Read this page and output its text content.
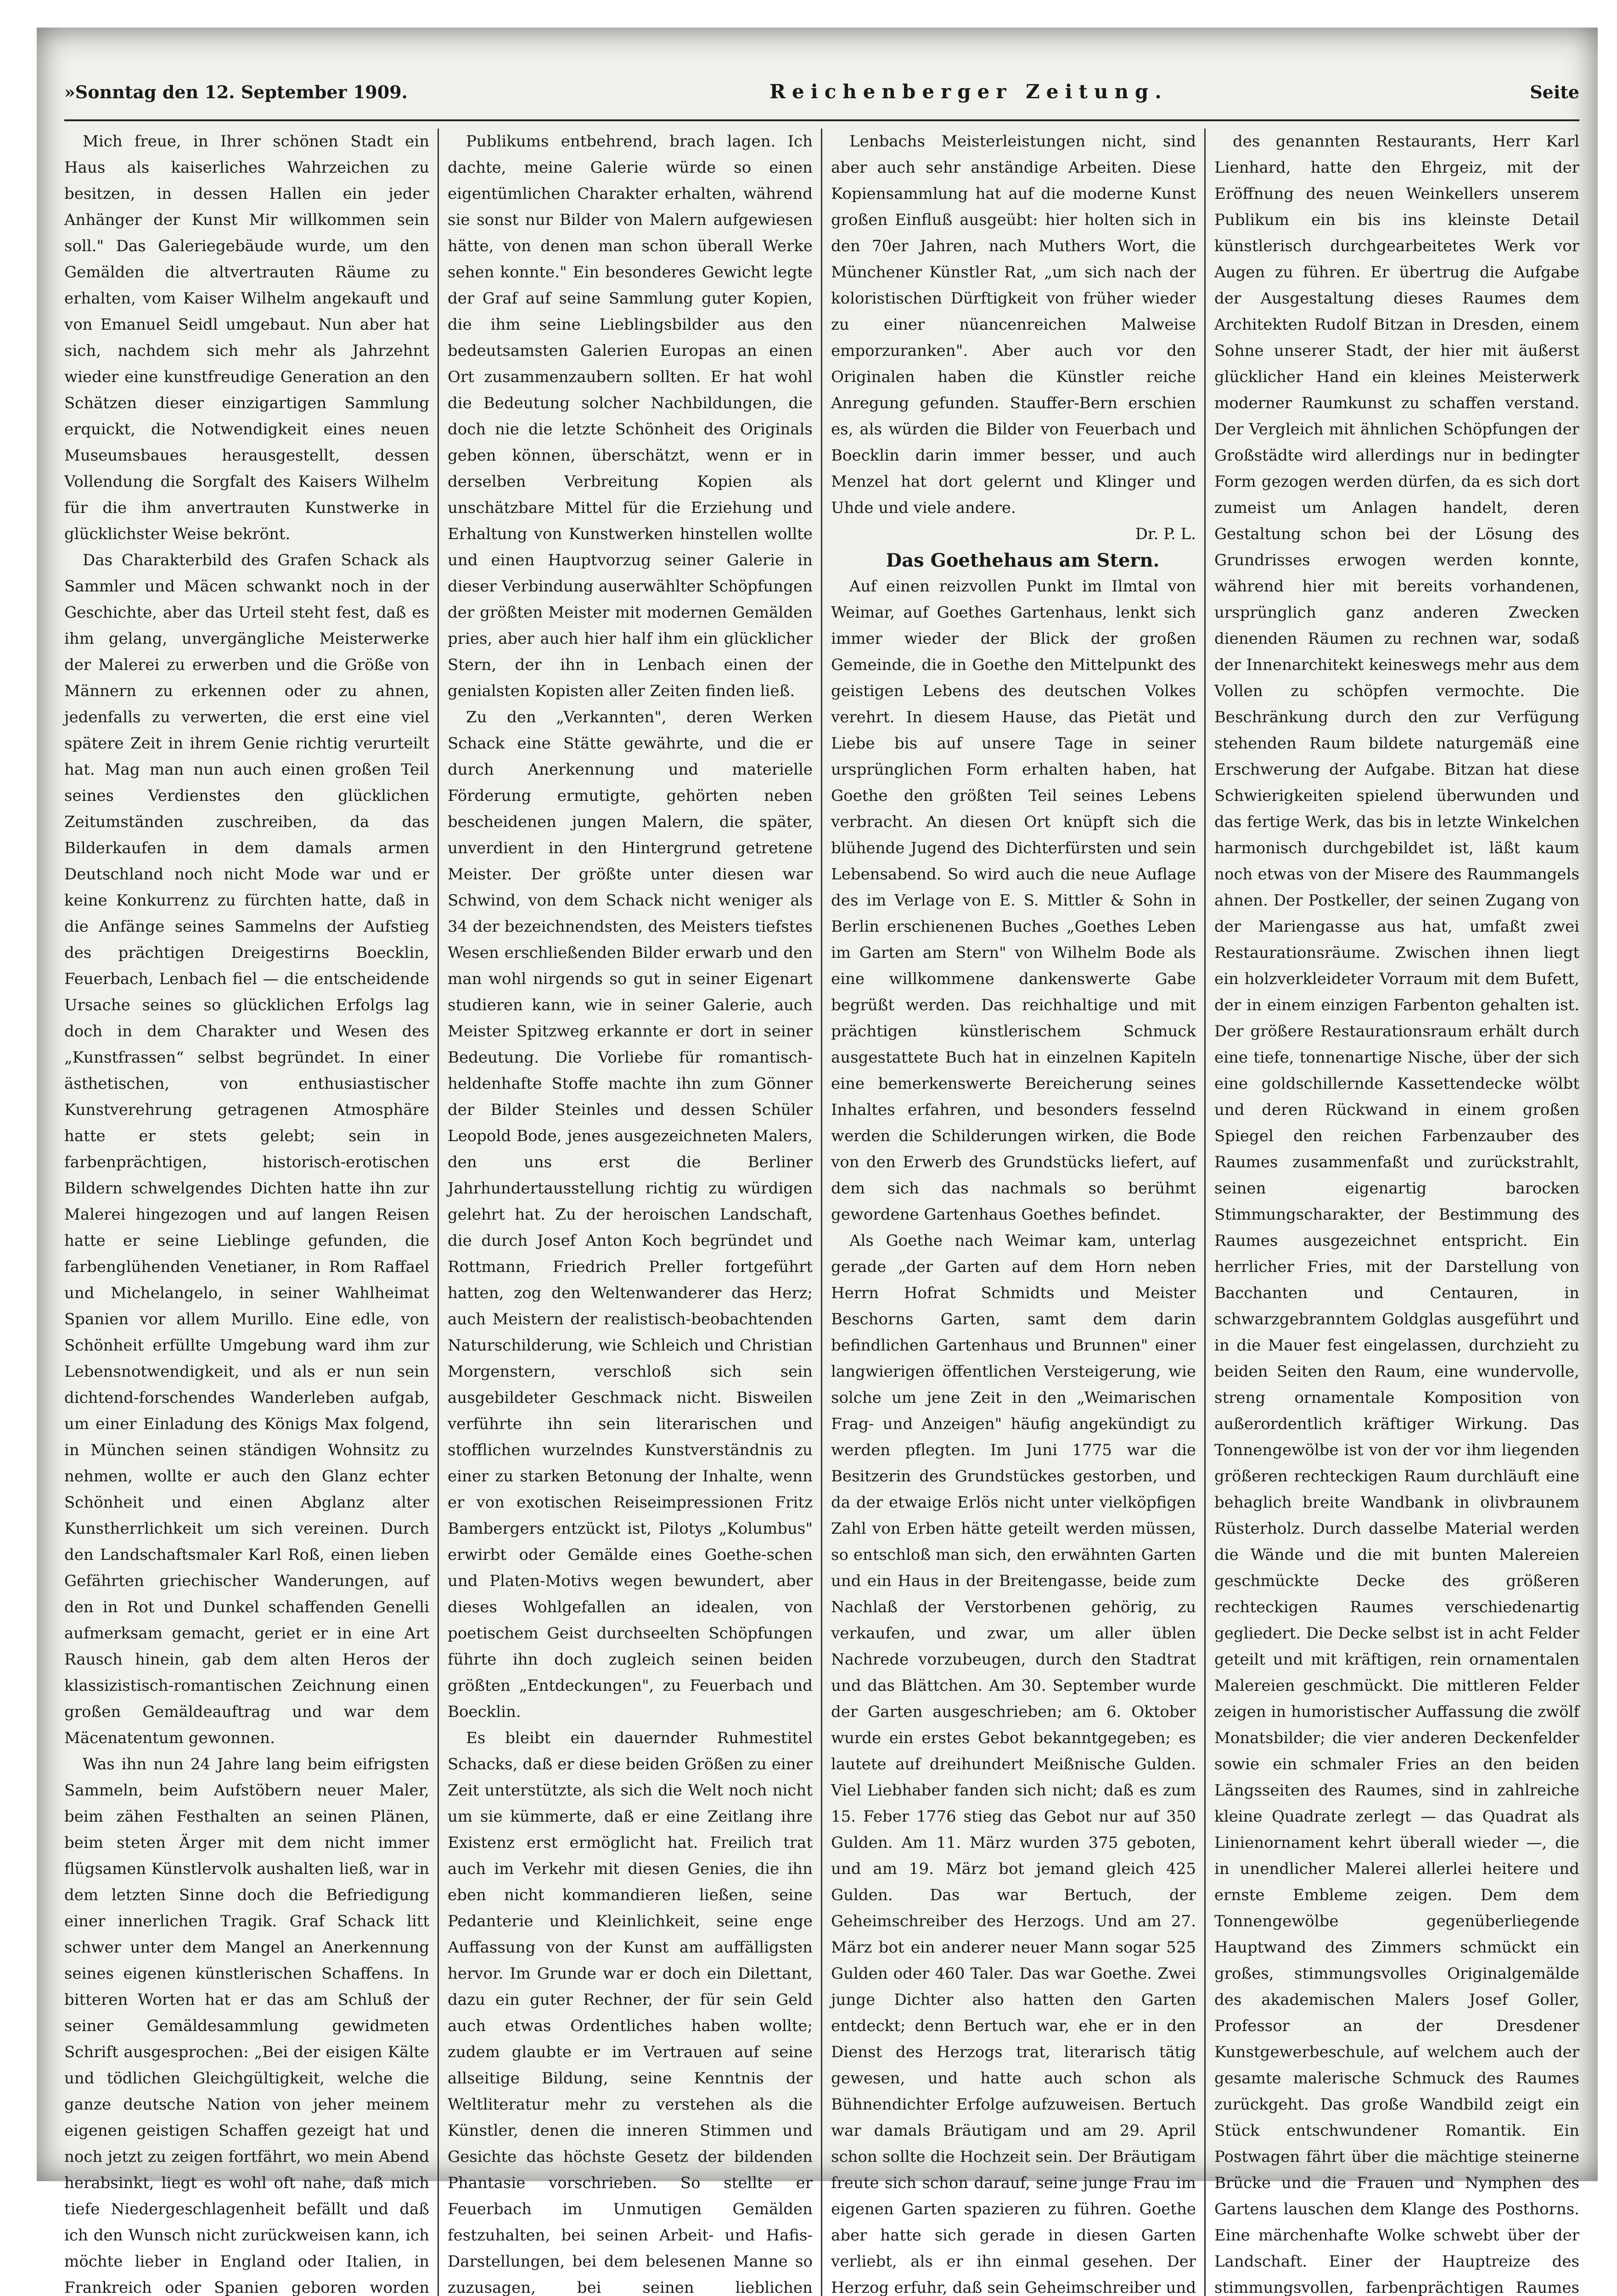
»Sonntag den 12. September 1909.	Reichenberger Zeitung.	Seite

Mich freue, in Ihrer schönen Stadt ein Haus als kaiserliches Wahrzeichen zu besitzen, in dessen Hallen ein jeder Anhänger der Kunst Mir willkommen sein soll." Das Galeriegebäude wurde, um den Gemälden die altvertrauten Räume zu erhalten, vom Kaiser Wilhelm angekauft und von Emanuel Seidl umgebaut. Nun aber hat sich, nachdem sich mehr als Jahrzehnt wieder eine kunstfreudige Generation an den Schätzen dieser einzigartigen Sammlung erquickt, die Notwendigkeit eines neuen Museumsbaues herausgestellt, dessen Vollendung die Sorgfalt des Kaisers Wilhelm für die ihm anvertrauten Kunstwerke in glücklichster Weise bekrönt.

Das Charakterbild des Grafen Schack als Sammler und Mäcen schwankt noch in der Geschichte, aber das Urteil steht fest, daß es ihm gelang, unvergängliche Meisterwerke der Malerei zu erwerben und die Größe von Männern zu erkennen oder zu ahnen, jedenfalls zu verwerten, die erst eine viel spätere Zeit in ihrem Genie richtig verurteilt hat. Mag man nun auch einen großen Teil seines Verdienstes den glücklichen Zeitumständen zuschreiben, da das Bilderkaufen in dem damals armen Deutschland noch nicht Mode war und er keine Konkurrenz zu fürchten hatte, daß in die Anfänge seines Sammelns der Aufstieg des prächtigen Dreigestirns Boecklin, Feuerbach, Lenbach fiel — die entscheidende Ursache seines so glücklichen Erfolgs lag doch in dem Charakter und Wesen des „Kunstfrassen“ selbst begründet. In einer ästhetischen, von enthusiastischer Kunstverehrung getragenen Atmosphäre hatte er stets gelebt; sein in farbenprächtigen, historisch-erotischen Bildern schwelgendes Dichten hatte ihn zur Malerei hingezogen und auf langen Reisen hatte er seine Lieblinge gefunden, die farbenglühenden Venetianer, in Rom Raffael und Michelangelo, in seiner Wahlheimat Spanien vor allem Murillo. Eine edle, von Schönheit erfüllte Umgebung ward ihm zur Lebensnotwendigkeit, und als er nun sein dichtend-forschendes Wanderleben aufgab, um einer Einladung des Königs Max folgend, in München seinen ständigen Wohnsitz zu nehmen, wollte er auch den Glanz echter Schönheit und einen Abglanz alter Kunstherrlichkeit um sich vereinen. Durch den Landschaftsmaler Karl Roß, einen lieben Gefährten griechischer Wanderungen, auf den in Rot und Dunkel schaffenden Genelli aufmerksam gemacht, geriet er in eine Art Rausch hinein, gab dem alten Heros der klassizistisch-romantischen Zeichnung einen großen Gemäldeauftrag und war dem Mäcenatentum gewonnen.

Was ihn nun 24 Jahre lang beim eifrigsten Sammeln, beim Aufstöbern neuer Maler, beim zähen Festhalten an seinen Plänen, beim steten Ärger mit dem nicht immer flügsamen Künstlervolk aushalten ließ, war in dem letzten Sinne doch die Befriedigung einer innerlichen Tragik. Graf Schack litt schwer unter dem Mangel an Anerkennung seines eigenen künstlerischen Schaffens. In bitteren Worten hat er das am Schluß der seiner Gemäldesammlung gewidmeten Schrift ausgesprochen: „Bei der eisigen Kälte und tödlichen Gleichgültigkeit, welche die ganze deutsche Nation von jeher meinem eigenen geistigen Schaffen gezeigt hat und noch jetzt zu zeigen fortfährt, wo mein Abend herabsinkt, liegt es wohl oft nahe, daß mich tiefe Niedergeschlagenheit befällt und daß ich den Wunsch nicht zurückweisen kann, ich möchte lieber in England oder Italien, in Frankreich oder Spanien geboren worden

Publikums entbehrend, brach lagen. Ich dachte, meine Galerie würde so einen eigentümlichen Charakter erhalten, während sie sonst nur Bilder von Malern aufgewiesen hätte, von denen man schon überall Werke sehen konnte." Ein besonderes Gewicht legte der Graf auf seine Sammlung guter Kopien, die ihm seine Lieblingsbilder aus den bedeutsamsten Galerien Europas an einen Ort zusammenzaubern sollten. Er hat wohl die Bedeutung solcher Nachbildungen, die doch nie die letzte Schönheit des Originals geben können, überschätzt, wenn er in derselben Verbreitung Kopien als unschätzbare Mittel für die Erziehung und Erhaltung von Kunstwerken hinstellen wollte und einen Hauptvorzug seiner Galerie in dieser Verbindung auserwählter Schöpfungen der größten Meister mit modernen Gemälden pries, aber auch hier half ihm ein glücklicher Stern, der ihn in Lenbach einen der genialsten Kopisten aller Zeiten finden ließ.

Zu den „Verkannten", deren Werken Schack eine Stätte gewährte, und die er durch Anerkennung und materielle Förderung ermutigte, gehörten neben bescheidenen jungen Malern, die später, unverdient in den Hintergrund getretene Meister. Der größte unter diesen war Schwind, von dem Schack nicht weniger als 34 der bezeichnendsten, des Meisters tiefstes Wesen erschließenden Bilder erwarb und den man wohl nirgends so gut in seiner Eigenart studieren kann, wie in seiner Galerie, auch Meister Spitzweg erkannte er dort in seiner Bedeutung. Die Vorliebe für romantisch-heldenhafte Stoffe machte ihn zum Gönner der Bilder Steinles und dessen Schüler Leopold Bode, jenes ausgezeichneten Malers, den uns erst die Berliner Jahrhundertausstellung richtig zu würdigen gelehrt hat. Zu der heroischen Landschaft, die durch Josef Anton Koch begründet und Rottmann, Friedrich Preller fortgeführt hatten, zog den Weltenwanderer das Herz; auch Meistern der realistisch-beobachtenden Naturschilderung, wie Schleich und Christian Morgenstern, verschloß sich sein ausgebildeter Geschmack nicht. Bisweilen verführte ihn sein literarischen und stofflichen wurzelndes Kunstverständnis zu einer zu starken Betonung der Inhalte, wenn er von exotischen Reiseimpressionen Fritz Bambergers entzückt ist, Pilotys „Kolumbus" erwirbt oder Gemälde eines Goethe-schen und Platen-Motivs wegen bewundert, aber dieses Wohlgefallen an idealen, von poetischem Geist durchseelten Schöpfungen führte ihn doch zugleich seinen beiden größten „Entdeckungen", zu Feuerbach und Boecklin.

Es bleibt ein dauernder Ruhmestitel Schacks, daß er diese beiden Größen zu einer Zeit unterstützte, als sich die Welt noch nicht um sie kümmerte, daß er eine Zeitlang ihre Existenz erst ermöglicht hat. Freilich trat auch im Verkehr mit diesen Genies, die ihn eben nicht kommandieren ließen, seine Pedanterie und Kleinlichkeit, seine enge Auffassung von der Kunst am auffälligsten hervor. Im Grunde war er doch ein Dilettant, dazu ein guter Rechner, der für sein Geld auch etwas Ordentliches haben wollte; zudem glaubte er im Vertrauen auf seine allseitige Bildung, seine Kenntnis der Weltliteratur mehr zu verstehen als die Künstler, denen die inneren Stimmen und Gesichte das höchste Gesetz der bildenden Phantasie vorschrieben. So stellte er Feuerbach im Unmutigen Gemälden festzuhalten, bei seinen Arbeit- und Hafis-Darstellungen, bei dem belesenen Manne so zuzusagen, bei seinen lieblichen

Lenbachs Meisterleistungen nicht, sind aber auch sehr anständige Arbeiten. Diese Kopiensammlung hat auf die moderne Kunst großen Einfluß ausgeübt: hier holten sich in den 70er Jahren, nach Muthers Wort, die Münchener Künstler Rat, „um sich nach der koloristischen Dürftigkeit von früher wieder zu einer nüancenreichen Malweise emporzuranken". Aber auch vor den Originalen haben die Künstler reiche Anregung gefunden. Stauffer-Bern erschien es, als würden die Bilder von Feuerbach und Boecklin darin immer besser, und auch Menzel hat dort gelernt und Klinger und Uhde und viele andere.

Dr. P. L.

Das Goethehaus am Stern.

Auf einen reizvollen Punkt im Ilmtal von Weimar, auf Goethes Gartenhaus, lenkt sich immer wieder der Blick der großen Gemeinde, die in Goethe den Mittelpunkt des geistigen Lebens des deutschen Volkes verehrt. In diesem Hause, das Pietät und Liebe bis auf unsere Tage in seiner ursprünglichen Form erhalten haben, hat Goethe den größten Teil seines Lebens verbracht. An diesen Ort knüpft sich die blühende Jugend des Dichterfürsten und sein Lebensabend. So wird auch die neue Auflage des im Verlage von E. S. Mittler & Sohn in Berlin erschienenen Buches „Goethes Leben im Garten am Stern" von Wilhelm Bode als eine willkommene dankenswerte Gabe begrüßt werden. Das reichhaltige und mit prächtigen künstlerischem Schmuck ausgestattete Buch hat in einzelnen Kapiteln eine bemerkenswerte Bereicherung seines Inhaltes erfahren, und besonders fesselnd werden die Schilderungen wirken, die Bode von den Erwerb des Grundstücks liefert, auf dem sich das nachmals so berühmt gewordene Gartenhaus Goethes befindet.

Als Goethe nach Weimar kam, unterlag gerade „der Garten auf dem Horn neben Herrn Hofrat Schmidts und Meister Beschorns Garten, samt dem darin befindlichen Gartenhaus und Brunnen" einer langwierigen öffentlichen Versteigerung, wie solche um jene Zeit in den „Weimarischen Frag- und Anzeigen" häufig angekündigt zu werden pflegten. Im Juni 1775 war die Besitzerin des Grundstückes gestorben, und da der etwaige Erlös nicht unter vielköpfigen Zahl von Erben hätte geteilt werden müssen, so entschloß man sich, den erwähnten Garten und ein Haus in der Breitengasse, beide zum Nachlaß der Verstorbenen gehörig, zu verkaufen, und zwar, um aller üblen Nachrede vorzubeugen, durch den Stadtrat und das Blättchen. Am 30. September wurde der Garten ausgeschrieben; am 6. Oktober wurde ein erstes Gebot bekanntgegeben; es lautete auf dreihundert Meißnische Gulden. Viel Liebhaber fanden sich nicht; daß es zum 15. Feber 1776 stieg das Gebot nur auf 350 Gulden. Am 11. März wurden 375 geboten, und am 19. März bot jemand gleich 425 Gulden. Das war Bertuch, der Geheimschreiber des Herzogs. Und am 27. März bot ein anderer neuer Mann sogar 525 Gulden oder 460 Taler. Das war Goethe. Zwei junge Dichter also hatten den Garten entdeckt; denn Bertuch war, ehe er in den Dienst des Herzogs trat, literarisch tätig gewesen, und hatte auch schon als Bühnendichter Erfolge aufzuweisen. Bertuch war damals Bräutigam und am 29. April schon sollte die Hochzeit sein. Der Bräutigam freute sich schon darauf, seine junge Frau im eigenen Garten spazieren zu führen. Goethe aber hatte sich gerade in diesen Garten verliebt, als er ihn einmal gesehen. Der Herzog erfuhr, daß sein Geheimschreiber und

des genannten Restaurants, Herr Karl Lienhard, hatte den Ehrgeiz, mit der Eröffnung des neuen Weinkellers unserem Publikum ein bis ins kleinste Detail künstlerisch durchgearbeitetes Werk vor Augen zu führen. Er übertrug die Aufgabe der Ausgestaltung dieses Raumes dem Architekten Rudolf Bitzan in Dresden, einem Sohne unserer Stadt, der hier mit äußerst glücklicher Hand ein kleines Meisterwerk moderner Raumkunst zu schaffen verstand. Der Vergleich mit ähnlichen Schöpfungen der Großstädte wird allerdings nur in bedingter Form gezogen werden dürfen, da es sich dort zumeist um Anlagen handelt, deren Gestaltung schon bei der Lösung des Grundrisses erwogen werden konnte, während hier mit bereits vorhandenen, ursprünglich ganz anderen Zwecken dienenden Räumen zu rechnen war, sodaß der Innenarchitekt keineswegs mehr aus dem Vollen zu schöpfen vermochte. Die Beschränkung durch den zur Verfügung stehenden Raum bildete naturgemäß eine Erschwerung der Aufgabe. Bitzan hat diese Schwierigkeiten spielend überwunden und das fertige Werk, das bis in letzte Winkelchen harmonisch durchgebildet ist, läßt kaum noch etwas von der Misere des Raummangels ahnen. Der Postkeller, der seinen Zugang von der Mariengasse aus hat, umfaßt zwei Restaurationsräume. Zwischen ihnen liegt ein holzverkleideter Vorraum mit dem Bufett, der in einem einzigen Farbenton gehalten ist. Der größere Restaurationsraum erhält durch eine tiefe, tonnenartige Nische, über der sich eine goldschillernde Kassettendecke wölbt und deren Rückwand in einem großen Spiegel den reichen Farbenzauber des Raumes zusammenfaßt und zurückstrahlt, seinen eigenartig barocken Stimmungscharakter, der Bestimmung des Raumes ausgezeichnet entspricht. Ein herrlicher Fries, mit der Darstellung von Bacchanten und Centauren, in schwarzgebranntem Goldglas ausgeführt und in die Mauer fest eingelassen, durchzieht zu beiden Seiten den Raum, eine wundervolle, streng ornamentale Komposition von außerordentlich kräftiger Wirkung. Das Tonnengewölbe ist von der vor ihm liegenden größeren rechteckigen Raum durchläuft eine behaglich breite Wandbank in olivbraunem Rüsterholz. Durch dasselbe Material werden die Wände und die mit bunten Malereien geschmückte Decke des größeren rechteckigen Raumes verschiedenartig gegliedert. Die Decke selbst ist in acht Felder geteilt und mit kräftigen, rein ornamentalen Malereien geschmückt. Die mittleren Felder zeigen in humoristischer Auffassung die zwölf Monatsbilder; die vier anderen Deckenfelder sowie ein schmaler Fries an den beiden Längsseiten des Raumes, sind in zahlreiche kleine Quadrate zerlegt — das Quadrat als Linienornament kehrt überall wieder —, die in unendlicher Malerei allerlei heitere und ernste Embleme zeigen. Dem dem Tonnengewölbe gegenüberliegende Hauptwand des Zimmers schmückt ein großes, stimmungsvolles Originalgemälde des akademischen Malers Josef Goller, Professor an der Dresdener Kunstgewerbeschule, auf welchem auch der gesamte malerische Schmuck des Raumes zurückgeht. Das große Wandbild zeigt ein Stück entschwundener Romantik. Ein Postwagen fährt über die mächtige steinerne Brücke und die Frauen und Nymphen des Gartens lauschen dem Klange des Posthorns. Eine märchenhafte Wolke schwebt über der Landschaft. Einer der Hauptreize des stimmungsvollen, farbenprächtigen Raumes
